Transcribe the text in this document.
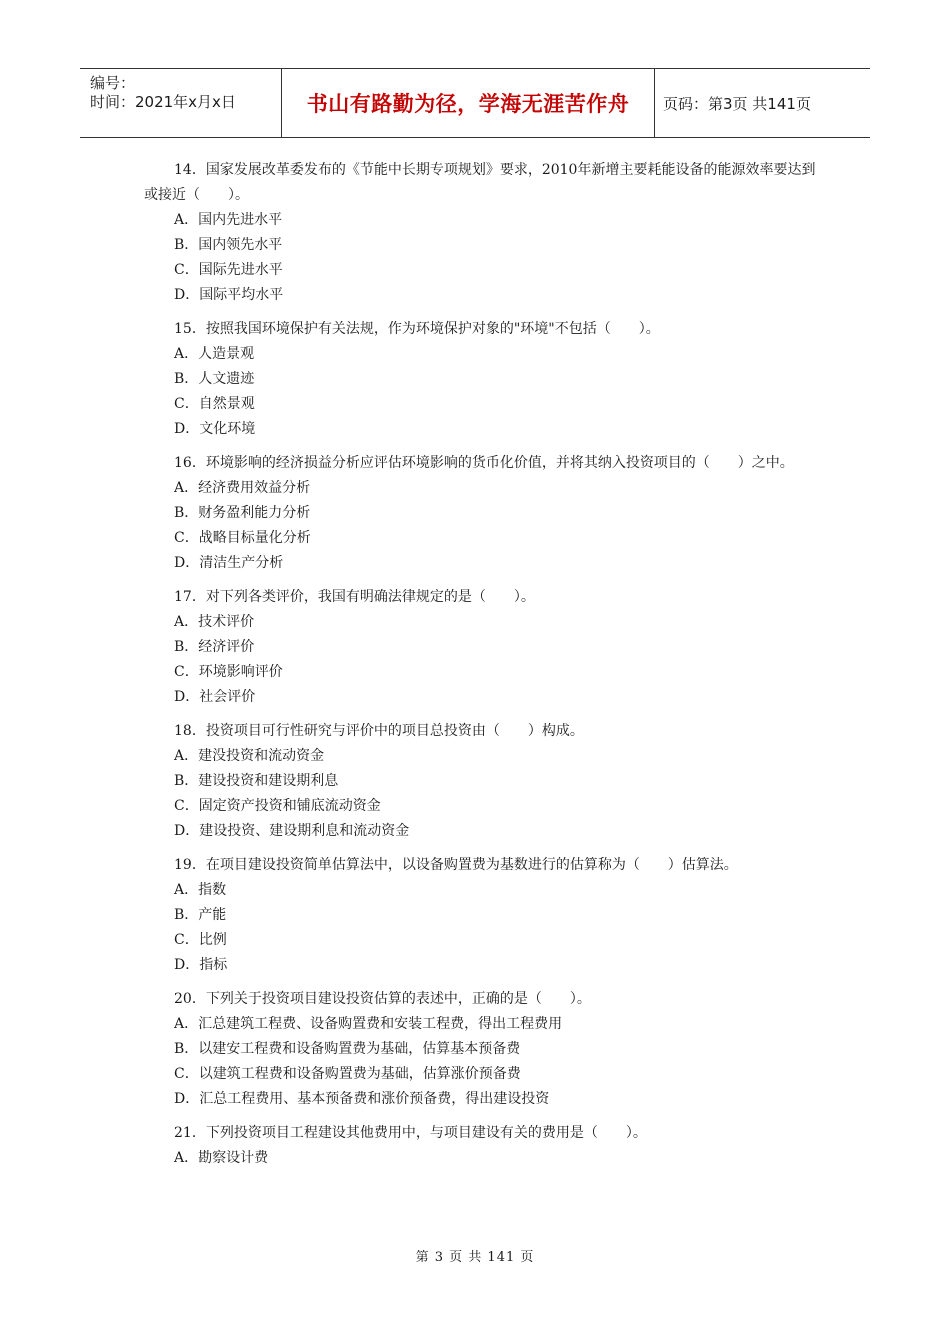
编号：
时间：2021年x月x日	书山有路勤为径，学海无涯苦作舟 页码：第3页 共141页
14．国家发展改革委发布的《节能中长期专项规划》要求，2010年新增主要耗能设备的能源效率要达到或接近（　　）。
A．国内先进水平
B．国内领先水平
C．国际先进水平
D．国际平均水平
15．按照我国环境保护有关法规，作为环境保护对象的"环境"不包括（　　）。
A．人造景观
B．人文遗迹
C．自然景观
D．文化环境
16．环境影响的经济损益分析应评估环境影响的货币化价值，并将其纳入投资项目的（　　）之中。
A．经济费用效益分析
B．财务盈利能力分析
C．战略目标量化分析
D．清洁生产分析
17．对下列各类评价，我国有明确法律规定的是（　　）。
A．技术评价
B．经济评价
C．环境影响评价
D．社会评价
18．投资项目可行性研究与评价中的项目总投资由（　　）构成。
A．建没投资和流动资金
B．建设投资和建设期利息
C．固定资产投资和铺底流动资金
D．建设投资、建设期利息和流动资金
19．在项目建设投资简单估算法中，以设备购置费为基数进行的估算称为（　　）估算法。
A．指数
B．产能
C．比例
D．指标
20．下列关于投资项目建设投资估算的表述中，正确的是（　　）。
A．汇总建筑工程费、设备购置费和安装工程费，得出工程费用
B．以建安工程费和设备购置费为基础，估算基本预备费
C．以建筑工程费和设备购置费为基础，估算涨价预备费
D．汇总工程费用、基本预备费和涨价预备费，得出建设投资
21．下列投资项目工程建设其他费用中，与项目建设有关的费用是（　　）。
A．勘察设计费
第 3 页 共 141 页
